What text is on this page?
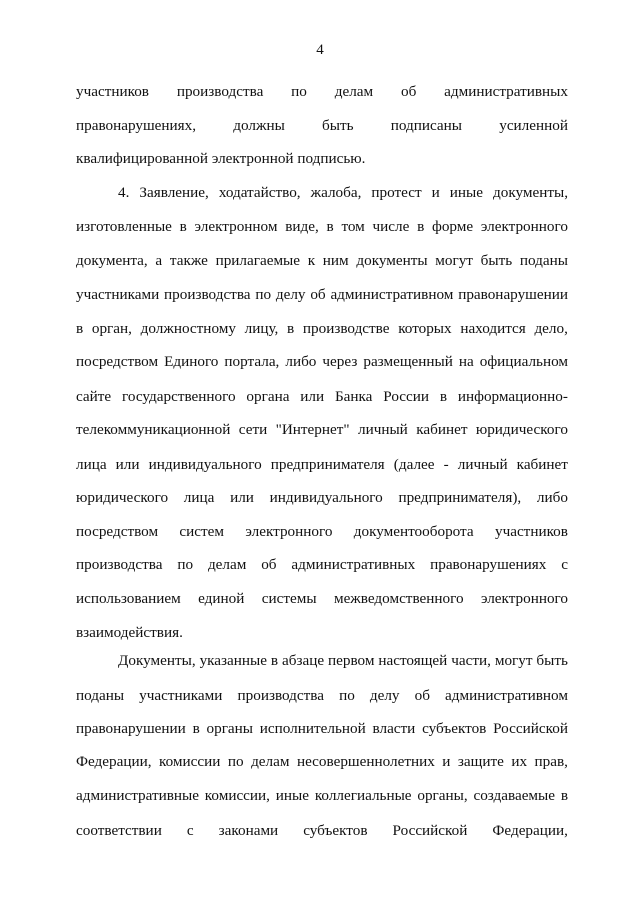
4
участников производства по делам об административных
правонарушениях, должны быть подписаны усиленной
квалифицированной электронной подписью.
4. Заявление, ходатайство, жалоба, протест и иные документы,
изготовленные в электронном виде, в том числе в форме электронного
документа, а также прилагаемые к ним документы могут быть поданы
участниками производства по делу об административном правонарушении
в орган, должностному лицу, в производстве которых находится дело,
посредством Единого портала, либо через размещенный на официальном
сайте государственного органа или Банка России в информационно-
телекоммуникационной сети "Интернет" личный кабинет юридического
лица или индивидуального предпринимателя (далее - личный кабинет
юридического лица или индивидуального предпринимателя), либо
посредством систем электронного документооборота участников
производства по делам об административных правонарушениях с
использованием единой системы межведомственного электронного
взаимодействия.
Документы, указанные в абзаце первом настоящей части, могут быть
поданы участниками производства по делу об административном
правонарушении в органы исполнительной власти субъектов Российской
Федерации, комиссии по делам несовершеннолетних и защите их прав,
административные комиссии, иные коллегиальные органы, создаваемые в
соответствии с законами субъектов Российской Федерации,
